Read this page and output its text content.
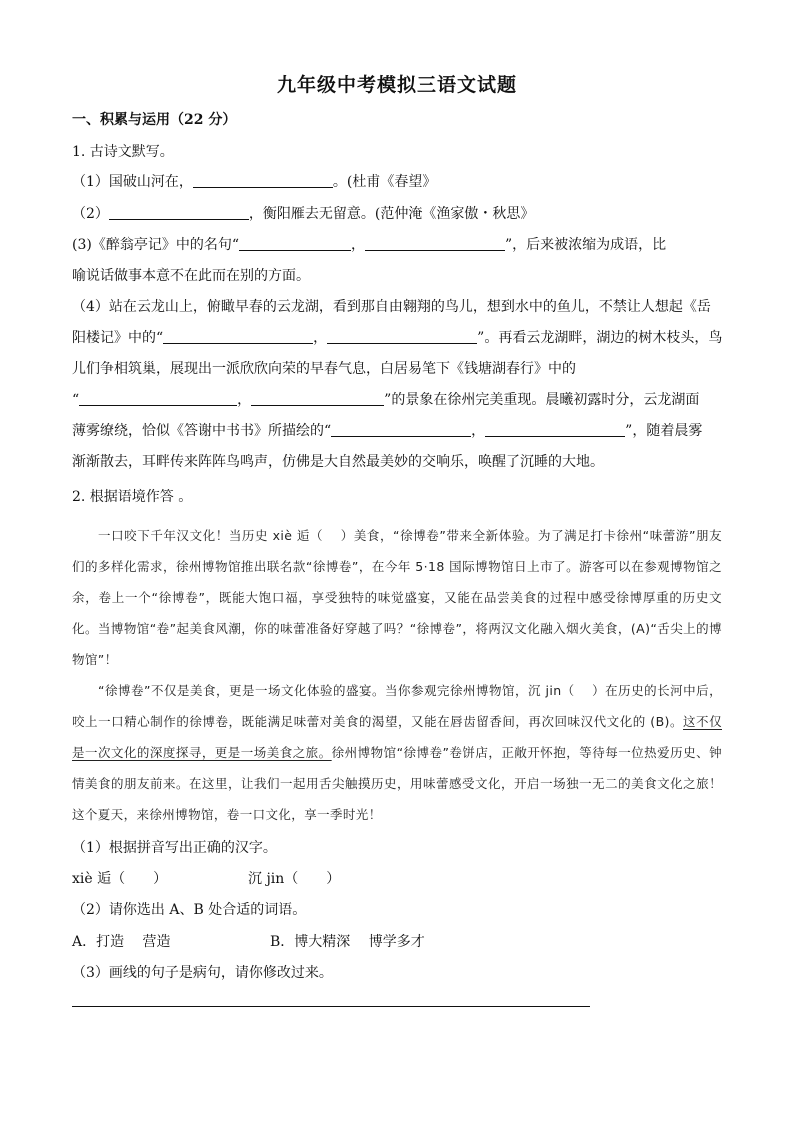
九年级中考模拟三语文试题
一、积累与运用（22 分）
1. 古诗文默写。
（1）国破山河在，	。(杜甫《春望》
（2）	，衡阳雁去无留意。(范仲淹《渔家傲・秋思》
(3)《醉翁亭记》中的名句“	，	”，后来被浓缩为成语，比
喻说话做事本意不在此而在别的方面。
（4）站在云龙山上，俯瞰早春的云龙湖，看到那自由翱翔的鸟儿，想到水中的鱼儿，不禁让人想起《岳
阳楼记》中的“	，	”。再看云龙湖畔，湖边的树木枝头，鸟
儿们争相筑巢，展现出一派欣欣向荣的早春气息，白居易笔下《钱塘湖春行》中的
“	，	”的景象在徐州完美重现。晨曦初露时分，云龙湖面
薄雾缭绕，恰似《答谢中书书》所描绘的“	，	”，随着晨雾
渐渐散去，耳畔传来阵阵鸟鸣声，仿佛是大自然最美妙的交响乐，唤醒了沉睡的大地。
2. 根据语境作答 。

一口咬下千年汉文化！当历史 xiè 逅（　 ）美食，“徐博卷”带来全新体验。为了满足打卡徐州“味蕾游”朋友们的多样化需求，徐州博物馆推出联名款“徐博卷”，在今年 5·18 国际博物馆日上市了。游客可以在参观博物馆之余，卷上一个“徐博卷”，既能大饱口福，享受独特的味觉盛宴，又能在品尝美食的过程中感受徐博厚重的历史文化。当博物馆“卷”起美食风潮，你的味蕾准备好穿越了吗？“徐博卷”，将两汉文化融入烟火美食，(A)“舌尖上的博物馆”！

“徐博卷”不仅是美食，更是一场文化体验的盛宴。当你参观完徐州博物馆，沉 jin（　 ）在历史的长河中后，咬上一口精心制作的徐博卷，既能满足味蕾对美食的渴望，又能在唇齿留香间，再次回味汉代文化的 (B)。这不仅是一次文化的深度探寻，更是一场美食之旅。徐州博物馆“徐博卷”卷饼店，正敞开怀抱，等待每一位热爱历史、钟情美食的朋友前来。在这里，让我们一起用舌尖触摸历史，用味蕾感受文化，开启一场独一无二的美食文化之旅！这个夏天，来徐州博物馆，卷一口文化，享一季时光！

（1）根据拼音写出正确的汉字。
xiè 逅（　　）	沉 jin（　　）
（2）请你选出 A、B 处合适的词语。
A．打造　 营造	B．博大精深　 博学多才
（3）画线的句子是病句，请你修改过来。
